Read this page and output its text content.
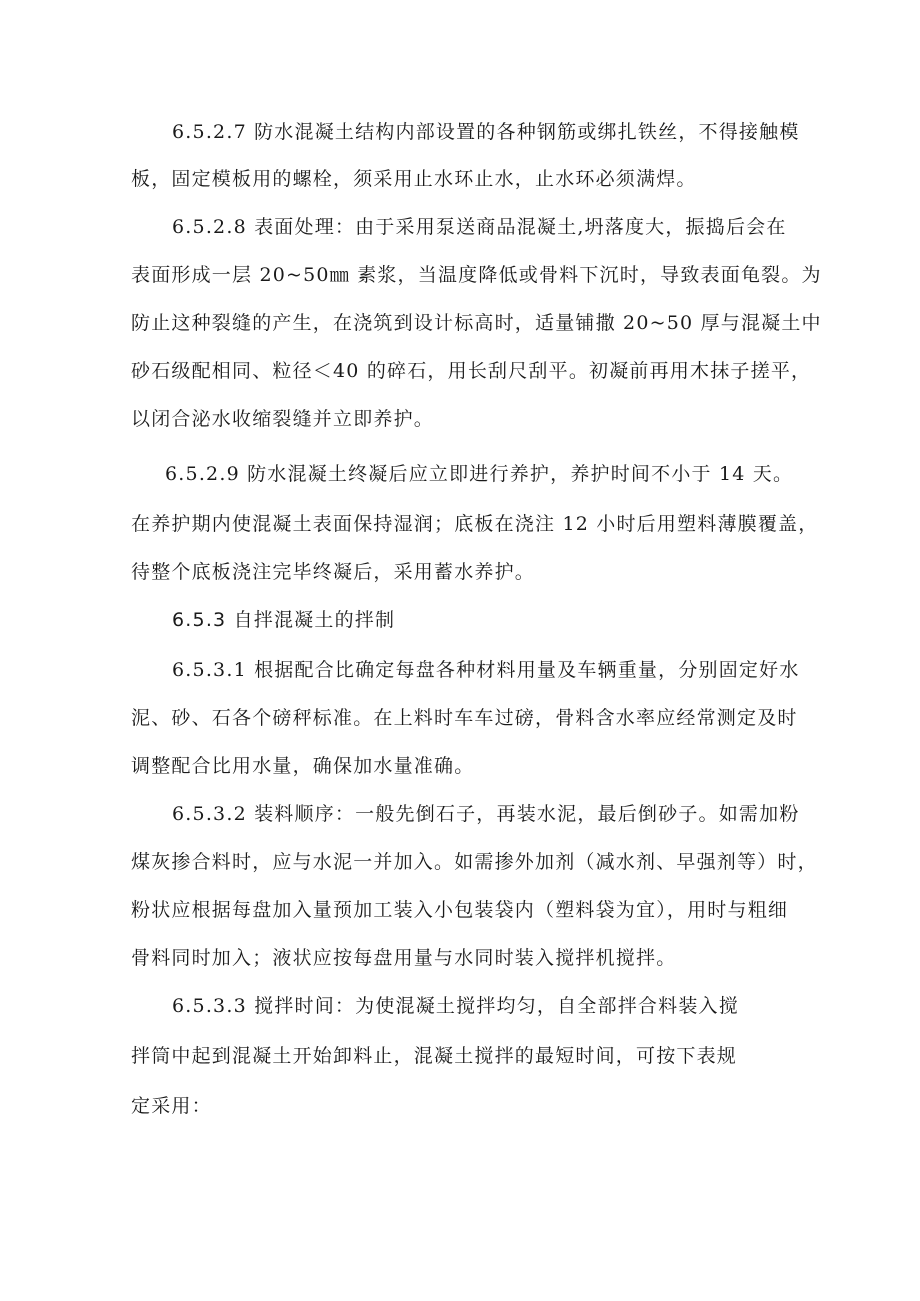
6.5.2.7 防水混凝土结构内部设置的各种钢筋或绑扎铁丝，不得接触模
板，固定模板用的螺栓，须采用止水环止水，止水环必须满焊。
6.5.2.8 表面处理：由于采用泵送商品混凝土,坍落度大，振捣后会在
表面形成一层 20~50㎜ 素浆，当温度降低或骨料下沉时，导致表面龟裂。为
防止这种裂缝的产生，在浇筑到设计标高时，适量铺撒 20~50 厚与混凝土中
砂石级配相同、粒径＜40 的碎石，用长刮尺刮平。初凝前再用木抹子搓平，
以闭合泌水收缩裂缝并立即养护。
6.5.2.9 防水混凝土终凝后应立即进行养护，养护时间不小于 14 天。
在养护期内使混凝土表面保持湿润；底板在浇注 12 小时后用塑料薄膜覆盖，
待整个底板浇注完毕终凝后，采用蓄水养护。
6.5.3 自拌混凝土的拌制
6.5.3.1 根据配合比确定每盘各种材料用量及车辆重量，分别固定好水
泥、砂、石各个磅秤标准。在上料时车车过磅，骨料含水率应经常测定及时
调整配合比用水量，确保加水量准确。
6.5.3.2 装料顺序：一般先倒石子，再装水泥，最后倒砂子。如需加粉
煤灰掺合料时，应与水泥一并加入。如需掺外加剂（减水剂、早强剂等）时，
粉状应根据每盘加入量预加工装入小包装袋内（塑料袋为宜），用时与粗细
骨料同时加入；液状应按每盘用量与水同时装入搅拌机搅拌。
6.5.3.3 搅拌时间：为使混凝土搅拌均匀，自全部拌合料装入搅
拌筒中起到混凝土开始卸料止，混凝土搅拌的最短时间，可按下表规
定采用：
